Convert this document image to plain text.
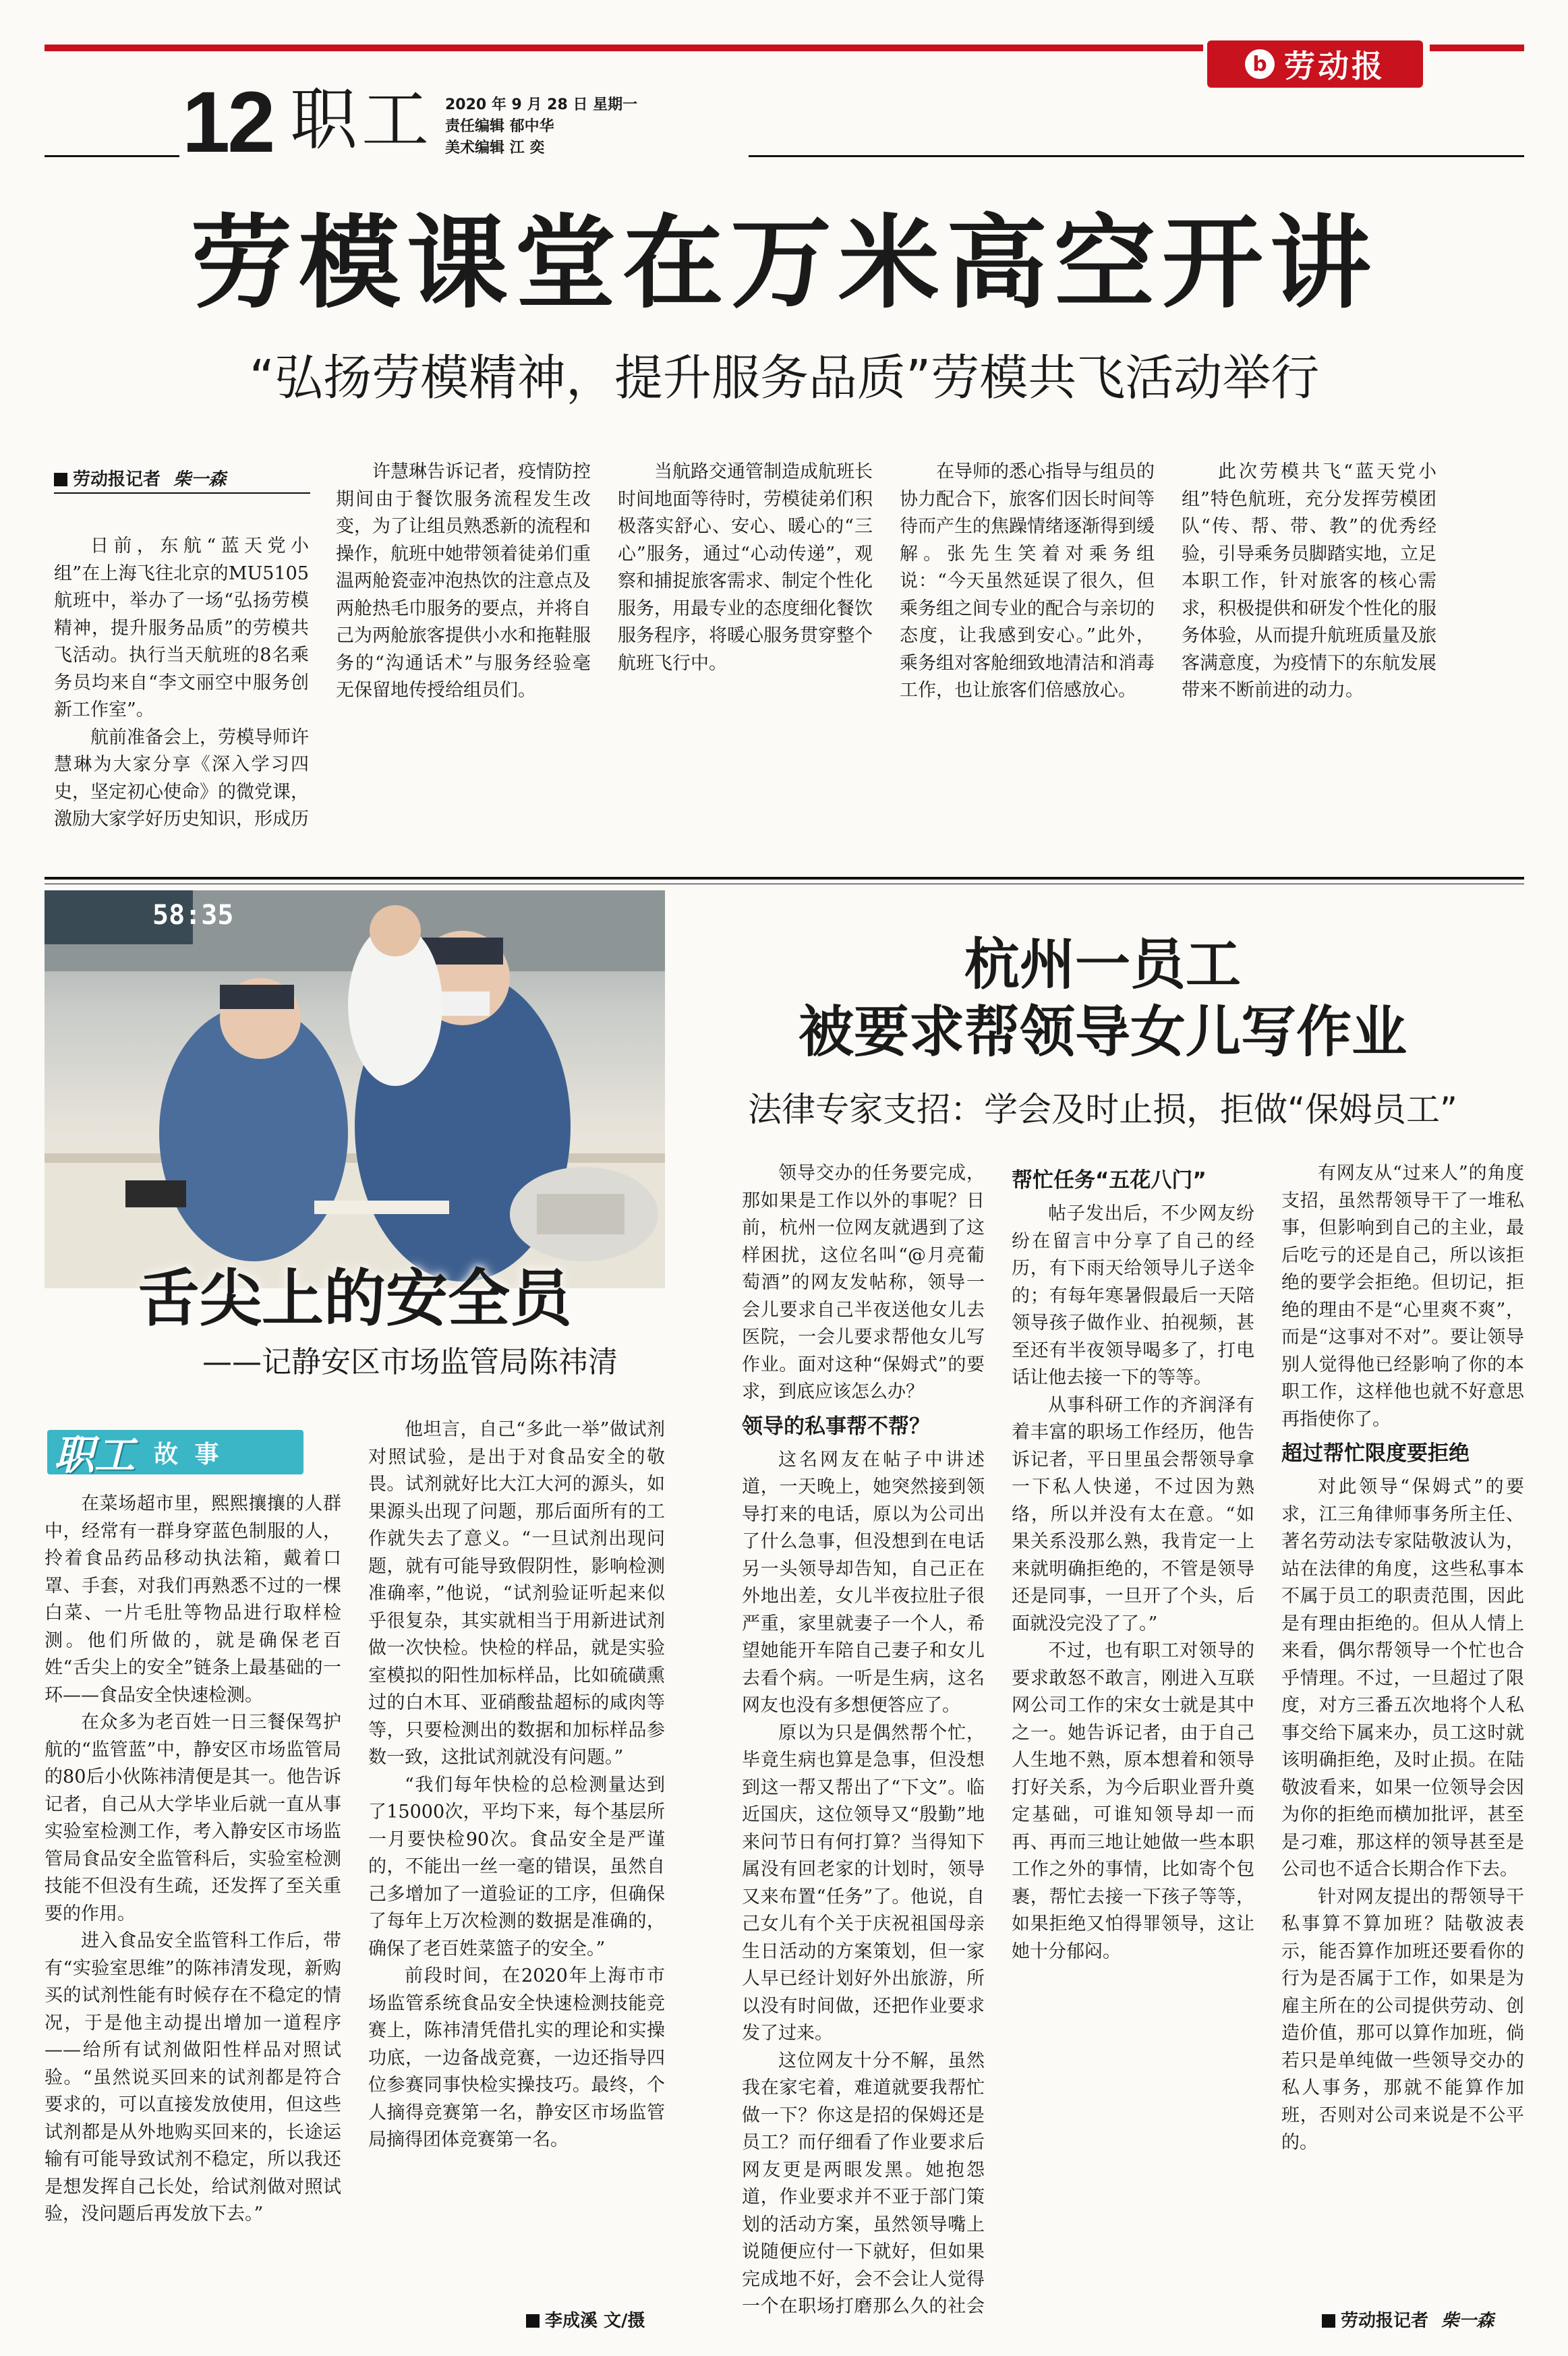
b 劳动报
12 职工 2020 年 9 月 28 日 星期一
责任编辑 郁中华
美术编辑 江 奕
劳模课堂在万米高空开讲
“弘扬劳模精神，提升服务品质”劳模共飞活动举行
劳动报记者 柴一森

日前，东航“蓝天党小组”在上海飞往北京的MU5105航班中，举办了一场“弘扬劳模精神，提升服务品质”的劳模共飞活动。执行当天航班的8名乘务员均来自“李文丽空中服务创新工作室”。

航前准备会上，劳模导师许慧琳为大家分享《深入学习四史，坚定初心使命》的微党课，激励大家学好历史知识，形成历

许慧琳告诉记者，疫情防控期间由于餐饮服务流程发生改变，为了让组员熟悉新的流程和操作，航班中她带领着徒弟们重温两舱瓷壶冲泡热饮的注意点及两舱热毛巾服务的要点，并将自己为两舱旅客提供小水和拖鞋服务的“沟通话术”与服务经验毫无保留地传授给组员们。

当航路交通管制造成航班长时间地面等待时，劳模徒弟们积极落实舒心、安心、暖心的“三心”服务，通过“心动传递”，观察和捕捉旅客需求、制定个性化服务，用最专业的态度细化餐饮服务程序，将暖心服务贯穿整个航班飞行中。

在导师的悉心指导与组员的协力配合下，旅客们因长时间等待而产生的焦躁情绪逐渐得到缓解。张先生笑着对乘务组说：“今天虽然延误了很久，但乘务组之间专业的配合与亲切的态度，让我感到安心。”此外，乘务组对客舱细致地清洁和消毒工作，也让旅客们倍感放心。

此次劳模共飞“蓝天党小组”特色航班，充分发挥劳模团队“传、帮、带、教”的优秀经验，引导乘务员脚踏实地，立足本职工作，针对旅客的核心需求，积极提供和研发个性化的服务体验，从而提升航班质量及旅客满意度，为疫情下的东航发展带来不断前进的动力。

58:35
舌尖上的安全员
——记静安区市场监管局陈祎清
职工 故 事

在菜场超市里，熙熙攘攘的人群中，经常有一群身穿蓝色制服的人，拎着食品药品移动执法箱，戴着口罩、手套，对我们再熟悉不过的一棵白菜、一片毛肚等物品进行取样检测。他们所做的，就是确保老百姓“舌尖上的安全”链条上最基础的一环——食品安全快速检测。

在众多为老百姓一日三餐保驾护航的“监管蓝”中，静安区市场监管局的80后小伙陈祎清便是其一。他告诉记者，自己从大学毕业后就一直从事实验室检测工作，考入静安区市场监管局食品安全监管科后，实验室检测技能不但没有生疏，还发挥了至关重要的作用。

进入食品安全监管科工作后，带有“实验室思维”的陈祎清发现，新购买的试剂性能有时候存在不稳定的情况，于是他主动提出增加一道程序——给所有试剂做阳性样品对照试验。“虽然说买回来的试剂都是符合要求的，可以直接发放使用，但这些试剂都是从外地购买回来的，长途运输有可能导致试剂不稳定，所以我还是想发挥自己长处，给试剂做对照试验，没问题后再发放下去。”

他坦言，自己“多此一举”做试剂对照试验，是出于对食品安全的敬畏。试剂就好比大江大河的源头，如果源头出现了问题，那后面所有的工作就失去了意义。“一旦试剂出现问题，就有可能导致假阴性，影响检测准确率，”他说，“试剂验证听起来似乎很复杂，其实就相当于用新进试剂做一次快检。快检的样品，就是实验室模拟的阳性加标样品，比如硫磺熏过的白木耳、亚硝酸盐超标的咸肉等等，只要检测出的数据和加标样品参数一致，这批试剂就没有问题。”

“我们每年快检的总检测量达到了15000次，平均下来，每个基层所一月要快检90次。食品安全是严谨的，不能出一丝一毫的错误，虽然自己多增加了一道验证的工序，但确保了每年上万次检测的数据是准确的，确保了老百姓菜篮子的安全。”

前段时间，在2020年上海市市场监管系统食品安全快速检测技能竞赛上，陈祎清凭借扎实的理论和实操功底，一边备战竞赛，一边还指导四位参赛同事快检实操技巧。最终，个人摘得竞赛第一名，静安区市场监管局摘得团体竞赛第一名。

李成溪 文/摄
杭州一员工
被要求帮领导女儿写作业
法律专家支招：学会及时止损，拒做“保姆员工”

领导交办的任务要完成，那如果是工作以外的事呢？日前，杭州一位网友就遇到了这样困扰，这位名叫“@月亮葡萄酒”的网友发帖称，领导一会儿要求自己半夜送他女儿去医院，一会儿要求帮他女儿写作业。面对这种“保姆式”的要求，到底应该怎么办？

领导的私事帮不帮？

这名网友在帖子中讲述道，一天晚上，她突然接到领导打来的电话，原以为公司出了什么急事，但没想到在电话另一头领导却告知，自己正在外地出差，女儿半夜拉肚子很严重，家里就妻子一个人，希望她能开车陪自己妻子和女儿去看个病。一听是生病，这名网友也没有多想便答应了。

原以为只是偶然帮个忙，毕竟生病也算是急事，但没想到这一帮又帮出了“下文”。临近国庆，这位领导又“殷勤”地来问节日有何打算？当得知下属没有回老家的计划时，领导又来布置“任务”了。他说，自己女儿有个关于庆祝祖国母亲生日活动的方案策划，但一家人早已经计划好外出旅游，所以没有时间做，还把作业要求发了过来。

这位网友十分不解，虽然我在家宅着，难道就要我帮忙做一下？你这是招的保姆还是员工？而仔细看了作业要求后网友更是两眼发黑。她抱怨道，作业要求并不亚于部门策划的活动方案，虽然领导嘴上说随便应付一下就好，但如果完成地不好，会不会让人觉得一个在职场打磨那么久的社会

帮忙任务“五花八门”

帖子发出后，不少网友纷纷在留言中分享了自己的经历，有下雨天给领导儿子送伞的；有每年寒暑假最后一天陪领导孩子做作业、拍视频，甚至还有半夜领导喝多了，打电话让他去接一下的等等。

从事科研工作的齐润泽有着丰富的职场工作经历，他告诉记者，平日里虽会帮领导拿一下私人快递，不过因为熟络，所以并没有太在意。“如果关系没那么熟，我肯定一上来就明确拒绝的，不管是领导还是同事，一旦开了个头，后面就没完没了了。”

不过，也有职工对领导的要求敢怒不敢言，刚进入互联网公司工作的宋女士就是其中之一。她告诉记者，由于自己人生地不熟，原本想着和领导打好关系，为今后职业晋升奠定基础，可谁知领导却一而再、再而三地让她做一些本职工作之外的事情，比如寄个包裹，帮忙去接一下孩子等等，如果拒绝又怕得罪领导，这让她十分郁闷。

有网友从“过来人”的角度支招，虽然帮领导干了一堆私事，但影响到自己的主业，最后吃亏的还是自己，所以该拒绝的要学会拒绝。但切记，拒绝的理由不是“心里爽不爽”，而是“这事对不对”。要让领导别人觉得他已经影响了你的本职工作，这样他也就不好意思再指使你了。

超过帮忙限度要拒绝

对此领导“保姆式”的要求，江三角律师事务所主任、著名劳动法专家陆敬波认为，站在法律的角度，这些私事本不属于员工的职责范围，因此是有理由拒绝的。但从人情上来看，偶尔帮领导一个忙也合乎情理。不过，一旦超过了限度，对方三番五次地将个人私事交给下属来办，员工这时就该明确拒绝，及时止损。在陆敬波看来，如果一位领导会因为你的拒绝而横加批评，甚至是刁难，那这样的领导甚至是公司也不适合长期合作下去。

针对网友提出的帮领导干私事算不算加班？陆敬波表示，能否算作加班还要看你的行为是否属于工作，如果是为雇主所在的公司提供劳动、创造价值，那可以算作加班，倘若只是单纯做一些领导交办的私人事务，那就不能算作加班，否则对公司来说是不公平的。

劳动报记者 柴一森
